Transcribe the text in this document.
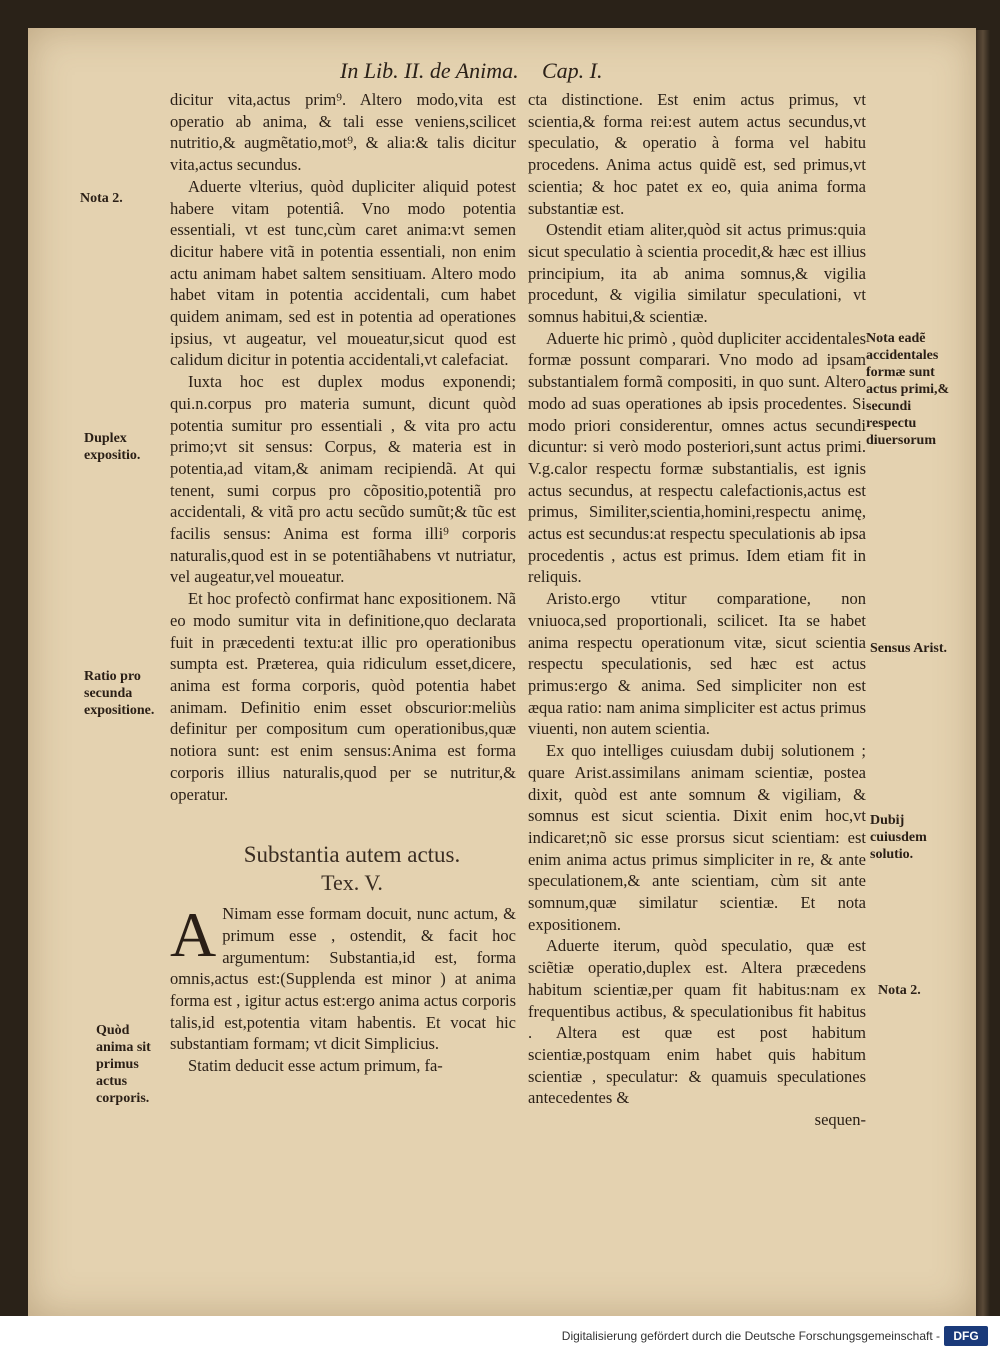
In Lib. II. de Anima. Cap. I.
Nota 2.
Duplex expositio.
Ratio pro secunda expositione.
Quòd anima sit primus actus corporis.
Nota eadẽ accidentales formæ sunt actus primi,& secundi respectu diuersorum
Sensus Arist.
Dubij cuiusdem solutio.
Nota 2.

dicitur vita,actus prim⁹. Altero modo,vita est operatio ab anima, & tali esse veniens,scilicet nutritio,& augmẽtatio,mot⁹, & alia:& talis dicitur vita,actus secundus.

Aduerte vlterius, quòd dupliciter aliquid potest habere vitam potentiâ. Vno modo potentia essentiali, vt est tunc,cùm caret anima:vt semen dicitur habere vitã in potentia essentiali, non enim actu animam habet saltem sensitiuam. Altero modo habet vitam in potentia accidentali, cum habet quidem animam, sed est in potentia ad operationes ipsius, vt augeatur, vel moueatur,sicut quod est calidum dicitur in potentia accidentali,vt calefaciat.

Iuxta hoc est duplex modus exponendi; qui.n.corpus pro materia sumunt, dicunt quòd potentia sumitur pro essentiali , & vita pro actu primo;vt sit sensus: Corpus, & materia est in potentia,ad vitam,& animam recipiendã. At qui tenent, sumi corpus pro cõpositio,potentiã pro accidentali, & vitã pro actu secũdo sumũt;& tũc est facilis sensus: Anima est forma illi⁹ corporis naturalis,quod est in se potentiãhabens vt nutriatur, vel augeatur,vel moueatur.

Et hoc profectò confirmat hanc expositionem. Nã eo modo sumitur vita in definitione,quo declarata fuit in præcedenti textu:at illic pro operationibus sumpta est. Præterea, quia ridiculum esset,dicere, anima est forma corporis, quòd potentia habet animam. Definitio enim esset obscurior:meliùs definitur per compositum cum operationibus,quæ notiora sunt: est enim sensus:Anima est forma corporis illius naturalis,quod per se nutritur,& operatur.

Substantia autem actus.
Tex. V.

A Nimam esse formam docuit, nunc actum, & primum esse , ostendit, & facit hoc argumentum: Substantia,id est, forma omnis,actus est:(Supplenda est minor ) at anima forma est , igitur actus est:ergo anima actus corporis talis,id est,potentia vitam habentis. Et vocat hic substantiam formam; vt dicit Simplicius.

Statim deducit esse actum primum, fa-

cta distinctione. Est enim actus primus, vt scientia,& forma rei:est autem actus secundus,vt speculatio, & operatio à forma vel habitu procedens. Anima actus quidẽ est, sed primus,vt scientia; & hoc patet ex eo, quia anima forma substantiæ est.

Ostendit etiam aliter,quòd sit actus primus:quia sicut speculatio à scientia procedit,& hæc est illius principium, ita ab anima somnus,& vigilia procedunt, & vigilia similatur speculationi, vt somnus habitui,& scientiæ.

Aduerte hic primò , quòd dupliciter accidentales formæ possunt comparari. Vno modo ad ipsam substantialem formã compositi, in quo sunt. Altero modo ad suas operationes ab ipsis procedentes. Si modo priori considerentur, omnes actus secundi dicuntur: si verò modo posteriori,sunt actus primi. V.g.calor respectu formæ substantialis, est ignis actus secundus, at respectu calefactionis,actus est primus, Similiter,scientia,homini,respectu animę, actus est secundus:at respectu speculationis ab ipsa procedentis , actus est primus. Idem etiam fit in reliquis.

Aristo.ergo vtitur comparatione, non vniuoca,sed proportionali, scilicet. Ita se habet anima respectu operationum vitæ, sicut scientia respectu speculationis, sed hæc est actus primus:ergo & anima. Sed simpliciter non est æqua ratio: nam anima simpliciter est actus primus viuenti, non autem scientia.

Ex quo intelliges cuiusdam dubij solutionem ; quare Arist.assimilans animam scientiæ, postea dixit, quòd est ante somnum & vigiliam, & somnus est sicut scientia. Dixit enim hoc,vt indicaret;nõ sic esse prorsus sicut scientiam: est enim anima actus primus simpliciter in re, & ante speculationem,& ante scientiam, cùm sit ante somnum,quæ similatur scientiæ. Et nota expositionem.

Aduerte iterum, quòd speculatio, quæ est sciẽtiæ operatio,duplex est. Altera præcedens habitum scientiæ,per quam fit habitus:nam ex frequentibus actibus, & speculationibus fit habitus . Altera est quæ est post habitum scientiæ,postquam enim habet quis habitum scientiæ , speculatur: & quamuis speculationes antecedentes &

sequen-

Digitalisierung gefördert durch die Deutsche Forschungsgemeinschaft -	DFG
